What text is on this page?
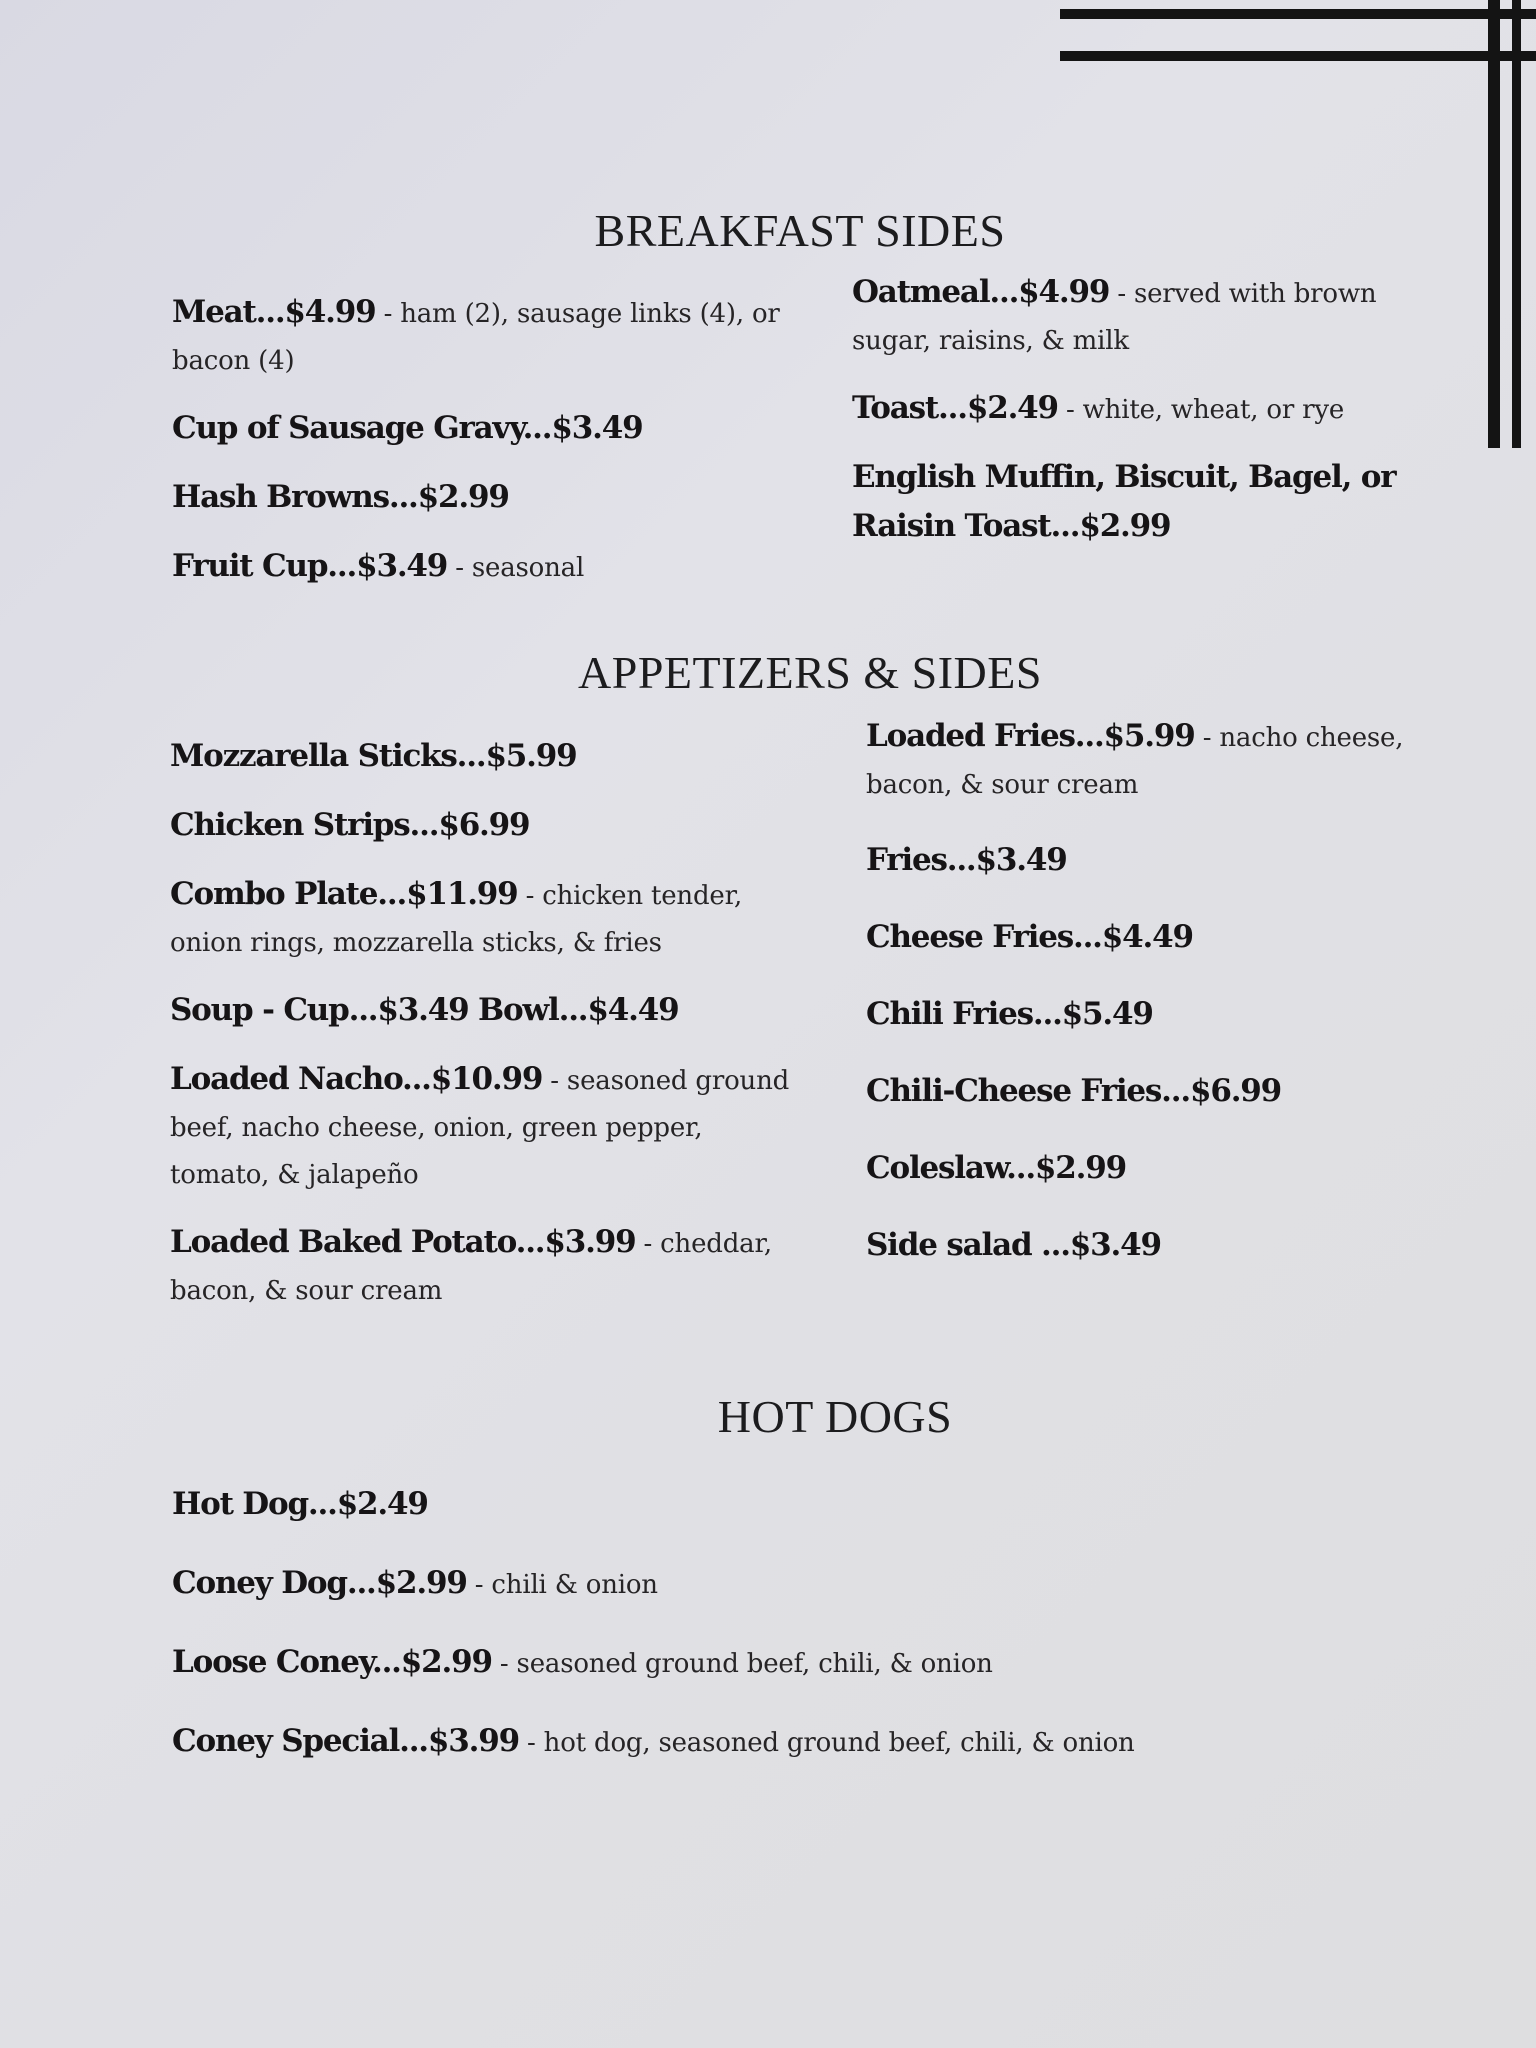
BREAKFAST SIDES

Meat...$4.99 - ham (2), sausage links (4), or bacon (4)

Cup of Sausage Gravy...$3.49

Hash Browns...$2.99

Fruit Cup...$3.49 - seasonal

Oatmeal...$4.99 - served with brown sugar, raisins, & milk

Toast...$2.49 - white, wheat, or rye

English Muffin, Biscuit, Bagel, or Raisin Toast...$2.99

APPETIZERS & SIDES

Mozzarella Sticks...$5.99

Chicken Strips...$6.99

Combo Plate...$11.99 - chicken tender, onion rings, mozzarella sticks, & fries

Soup - Cup...$3.49 Bowl...$4.49

Loaded Nacho...$10.99 - seasoned ground beef, nacho cheese, onion, green pepper, tomato, & jalapeño

Loaded Baked Potato...$3.99 - cheddar, bacon, & sour cream

Loaded Fries...$5.99 - nacho cheese, bacon, & sour cream

Fries...$3.49

Cheese Fries...$4.49

Chili Fries...$5.49

Chili-Cheese Fries...$6.99

Coleslaw...$2.99

Side salad ...$3.49

HOT DOGS

Hot Dog...$2.49

Coney Dog...$2.99 - chili & onion

Loose Coney...$2.99 - seasoned ground beef, chili, & onion

Coney Special...$3.99 - hot dog, seasoned ground beef, chili, & onion
